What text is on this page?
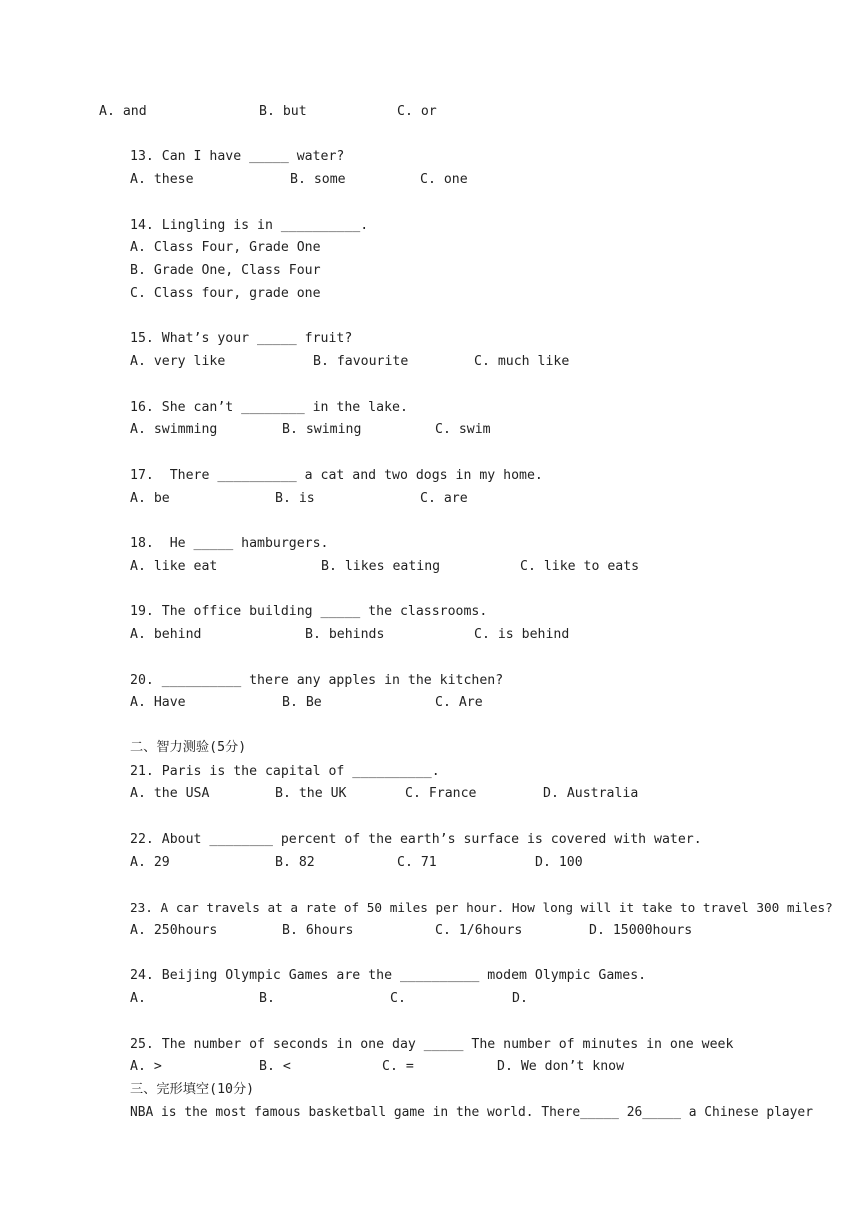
A. and	B. but	C. or
13. Can I have _____ water?
A. these	B. some	C. one
14. Lingling is in __________.
A. Class Four, Grade One
B. Grade One, Class Four
C. Class four, grade one
15. What’s your _____ fruit?
A. very like	B. favourite	C. much like
16. She can’t ________ in the lake.
A. swimming	B. swiming	C. swim
17.  There __________ a cat and two dogs in my home.
A. be	B. is	C. are
18.  He _____ hamburgers.
A. like eat	B. likes eating	C. like to eats
19. The office building _____ the classrooms.
A. behind	B. behinds	C. is behind
20. __________ there any apples in the kitchen?
A. Have	B. Be	C. Are
二、智力测验(5分)
21. Paris is the capital of __________.
A. the USA	B. the UK	C. France	D. Australia
22. About ________ percent of the earth’s surface is covered with water.
A. 29	B. 82	C. 71	D. 100
23. A car travels at a rate of 50 miles per hour. How long will it take to travel 300 miles?
A. 250hours	B. 6hours	C. 1/6hours	D. 15000hours
24. Beijing Olympic Games are the __________ modem Olympic Games.
A.	B.	C.	D.
25. The number of seconds in one day _____ The number of minutes in one week
A. >	B. <	C. =	D. We don’t know
三、完形填空(10分)
NBA is the most famous basketball game in the world. There_____ 26_____ a Chinese player
